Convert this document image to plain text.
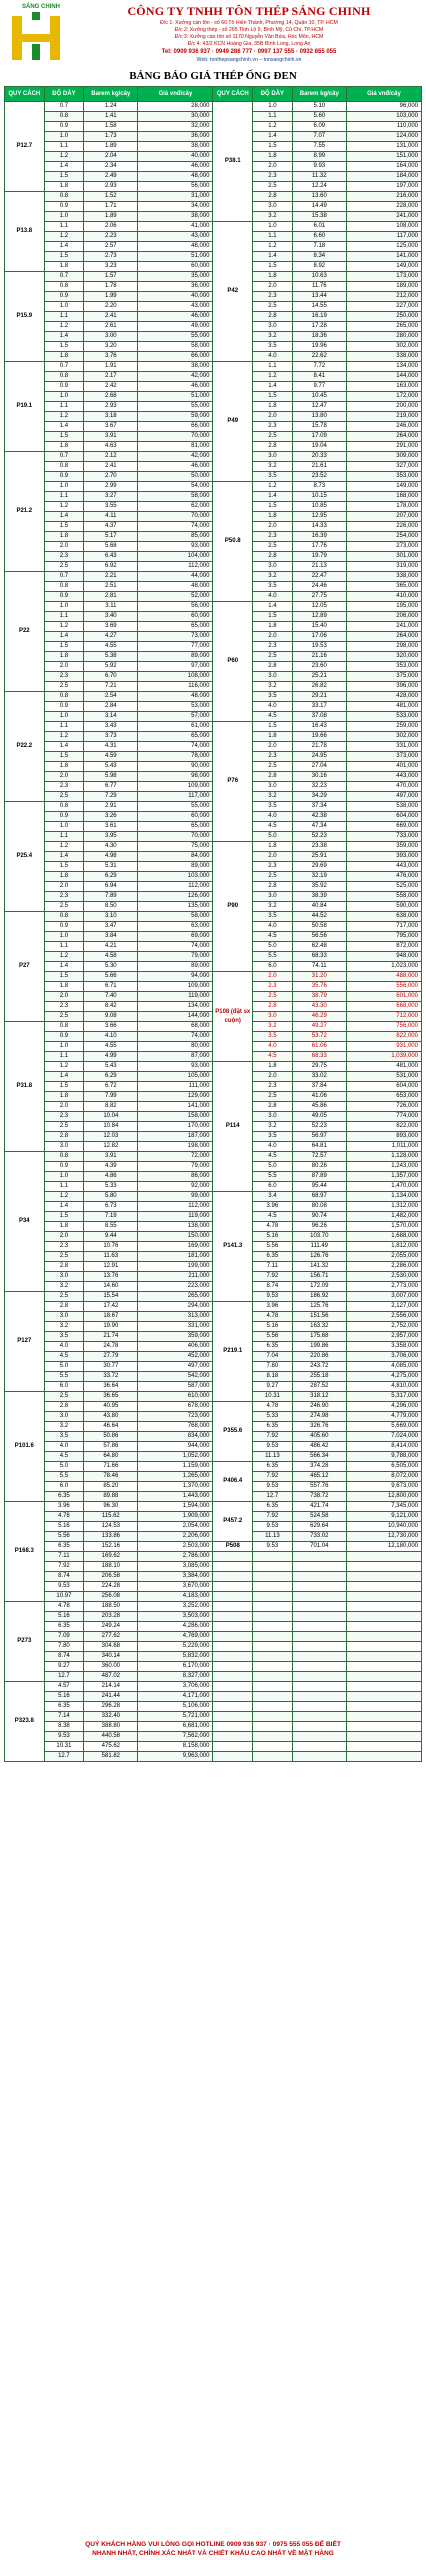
SÁNG CHINH	CÔNG TY TNHH TÔN THÉP SÁNG CHINH
Đ/c 1: Xưởng cán tôn - số 60 Tô Hiến Thành, Phường 14, Quận 10, TP. HCM
Đ/c 2: Xưởng thép - số 265 Tỉnh Lộ 9, Bình Mỹ, Củ Chi, TP.HCM
Đ/c 3: Xưởng cán tôn số 1170 Nguyễn Văn Bứa, Hóc Môn, HCM
Đ/c 4: 43/2 KCN Hoàng Gia, 35B Bình Long, Long An
Tel: 0909 936 937 · 0949 286 777 · 0997 137 555 · 0932 855 055
Web: tonthepsangchinh.vn – tonsangchinh.vn
BẢNG BÁO GIÁ THÉP ỐNG ĐEN
QUY CÁCH	ĐỘ DÀY	Barem kg/cây	Giá vnđ/cây	QUY CÁCH	ĐỘ DÀY	Barem kg/cây	Giá vnđ/cây
P12.7	0.7	1.24	28,000	P38.1	1.0	5.10	96,000
	0.8	1.41	30,000		1.1	5.60	103,000
	0.9	1.58	32,000		1.2	6.09	110,000
	1.0	1.73	36,000		1.4	7.07	124,000
	1.1	1.89	38,000		1.5	7.55	131,000
	1.2	2.04	40,000		1.8	8.99	151,000
	1.4	2.34	46,000		2.0	9.93	164,000
	1.5	2.49	48,000		2.3	11.32	184,000
	1.8	2.93	56,000		2.5	12.24	197,000
P13.8	0.8	1.52	31,000		2.8	13.60	216,000
	0.9	1.71	34,000		3.0	14.49	228,000
	1.0	1.89	38,000		3.2	15.38	241,000
	1.1	2.06	41,000	P42	1.0	6.01	108,000
	1.2	2.23	43,000		1.1	6.60	117,000
	1.4	2.57	48,000		1.2	7.18	125,000
	1.5	2.73	51,000		1.4	8.34	141,000
	1.8	3.23	60,000		1.5	8.92	149,000
P15.9	0.7	1.57	35,000		1.8	10.63	173,000
	0.8	1.78	36,000		2.0	11.76	189,000
	0.9	1.99	40,000		2.3	13.44	212,000
	1.0	2.20	43,000		2.5	14.55	227,000
	1.1	2.41	46,000		2.8	16.19	250,000
	1.2	2.61	49,000		3.0	17.28	265,000
	1.4	3.00	55,000		3.2	18.36	280,000
	1.5	3.20	58,000		3.5	19.96	302,000
	1.8	3.76	66,000		4.0	22.62	338,000
P19.1	0.7	1.91	38,000	P49	1.1	7.72	134,000
	0.8	2.17	42,000		1.2	8.41	144,000
	0.9	2.42	46,000		1.4	9.77	163,000
	1.0	2.68	51,000		1.5	10.45	172,000
	1.1	2.93	55,000		1.8	12.47	200,000
	1.2	3.18	59,000		2.0	13.80	219,000
	1.4	3.67	66,000		2.3	15.78	246,000
	1.5	3.91	70,000		2.5	17.09	264,000
	1.8	4.63	81,000		2.8	19.04	291,000
P21.2	0.7	2.12	42,000		3.0	20.33	309,000
	0.8	2.41	46,000		3.2	21.61	327,000
	0.9	2.70	50,000		3.5	23.52	353,000
	1.0	2.99	54,000	P50.8	1.2	8.73	149,000
	1.1	3.27	58,000		1.4	10.15	168,000
	1.2	3.55	62,000		1.5	10.85	178,000
	1.4	4.11	70,000		1.8	12.95	207,000
	1.5	4.37	74,000		2.0	14.33	226,000
	1.8	5.17	85,000		2.3	16.39	254,000
	2.0	5.68	93,000		2.5	17.76	273,000
	2.3	6.43	104,000		2.8	19.79	301,000
	2.5	6.92	112,000		3.0	21.13	319,000
P22	0.7	2.21	44,000		3.2	22.47	338,000
	0.8	2.51	48,000		3.5	24.46	365,000
	0.9	2.81	52,000		4.0	27.75	410,000
	1.0	3.11	56,000	P60	1.4	12.05	195,000
	1.1	3.40	60,000		1.5	12.89	206,000
	1.2	3.69	65,000		1.8	15.40	241,000
	1.4	4.27	73,000		2.0	17.06	264,000
	1.5	4.55	77,000		2.3	19.53	298,000
	1.8	5.38	89,000		2.5	21.16	320,000
	2.0	5.92	97,000		2.8	23.60	353,000
	2.3	6.70	108,000		3.0	25.21	375,000
	2.5	7.21	116,000		3.2	26.82	396,000
P22.2	0.8	2.54	48,000		3.5	29.21	428,000
	0.9	2.84	53,000		4.0	33.17	481,000
	1.0	3.14	57,000		4.5	37.08	533,000
	1.1	3.43	61,000	P76	1.5	16.43	259,000
	1.2	3.73	65,000		1.8	19.66	302,000
	1.4	4.31	74,000		2.0	21.78	331,000
	1.5	4.59	78,000		2.3	24.95	373,000
	1.8	5.43	90,000		2.5	27.04	401,000
	2.0	5.98	98,000		2.8	30.16	443,000
	2.3	6.77	109,000		3.0	32.23	470,000
	2.5	7.29	117,000		3.2	34.29	497,000
P25.4	0.8	2.91	55,000		3.5	37.34	538,000
	0.9	3.26	60,000		4.0	42.38	604,000
	1.0	3.61	65,000		4.5	47.34	669,000
	1.1	3.95	70,000		5.0	52.23	733,000
	1.2	4.30	75,000	P90	1.8	23.38	359,000
	1.4	4.98	84,000		2.0	25.91	393,000
	1.5	5.31	89,000		2.3	29.69	443,000
	1.8	6.29	103,000		2.5	32.19	476,000
	2.0	6.94	112,000		2.8	35.92	525,000
	2.3	7.89	126,000		3.0	38.39	558,000
	2.5	8.50	135,000		3.2	40.84	590,000
P27	0.8	3.10	58,000		3.5	44.52	638,000
	0.9	3.47	63,000		4.0	50.58	717,000
	1.0	3.84	69,000		4.5	56.56	795,000
	1.1	4.21	74,000		5.0	62.48	872,000
	1.2	4.58	79,000		5.5	68.33	948,000
	1.4	5.30	89,000		6.0	74.11	1,023,000
	1.5	5.66	94,000	P108 (đặt sx cuộn)	2.0	31.20	488,000
	1.8	6.71	109,000		2.3	35.76	556,000
	2.0	7.40	119,000		2.5	38.79	601,000
	2.3	8.42	134,000		2.8	43.30	668,000
	2.5	9.08	144,000		3.0	46.29	712,000
P31.8	0.8	3.66	68,000		3.2	49.27	756,000
	0.9	4.10	74,000		3.5	53.72	822,000
	1.0	4.55	80,000		4.0	61.06	931,000
	1.1	4.99	87,000		4.5	68.33	1,039,000
	1.2	5.43	93,000	P114	1.8	29.75	481,000
	1.4	6.29	105,000		2.0	33.02	531,000
	1.5	6.72	111,000		2.3	37.84	604,000
	1.8	7.99	129,000		2.5	41.06	653,000
	2.0	8.82	141,000		2.8	45.86	726,000
	2.3	10.04	158,000		3.0	49.05	774,000
	2.5	10.84	170,000		3.2	52.23	822,000
	2.8	12.03	187,000		3.5	56.97	893,000
	3.0	12.82	198,000		4.0	64.81	1,011,000
P34	0.8	3.91	72,000		4.5	72.57	1,128,000
	0.9	4.39	79,000		5.0	80.26	1,243,000
	1.0	4.86	86,000		5.5	87.89	1,357,000
	1.1	5.33	92,000		6.0	95.44	1,470,000
	1.2	5.80	99,000	P141.3	3.4	68.97	1,134,000
	1.4	6.73	112,000		3.96	80.08	1,312,000
	1.5	7.19	119,000		4.5	90.74	1,482,000
	1.8	8.55	138,000		4.78	96.26	1,570,000
	2.0	9.44	150,000		5.16	103.70	1,688,000
	2.3	10.76	169,000		5.56	111.49	1,812,000
	2.5	11.63	181,000		6.35	126.76	2,055,000
	2.8	12.91	199,000		7.11	141.32	2,286,000
	3.0	13.76	211,000		7.92	156.71	2,530,000
	3.2	14.60	223,000		8.74	172.09	2,773,000
P127	2.5	15.54	265,000		9.53	186.92	3,007,000
	2.8	17.42	294,000	P219.1	3.96	125.76	2,127,000
	3.0	18.67	313,000		4.78	151.56	2,556,000
	3.2	19.90	331,000		5.16	163.32	2,752,000
	3.5	21.74	359,000		5.56	175.68	2,957,000
	4.0	24.78	406,000		6.35	199.86	3,358,000
	4.5	27.79	452,000		7.04	220.86	3,706,000
	5.0	30.77	497,000		7.80	243.72	4,085,000
	5.5	33.72	542,000		8.18	255.18	4,275,000
	6.0	36.64	587,000		9.27	287.52	4,810,000
P101.6	2.5	36.65	610,000		10.31	318.12	5,317,000
	2.8	40.95	678,000	P355.6	4.78	246.90	4,296,000
	3.0	43.80	723,000		5.33	274.98	4,779,000
	3.2	46.64	768,000		6.35	326.76	5,669,000
	3.5	50.86	834,000		7.92	405.60	7,024,000
	4.0	57.86	944,000		9.53	486.42	8,414,000
	4.5	64.80	1,052,000		11.13	566.34	9,788,000
	5.0	71.66	1,159,000	P406.4	6.35	374.28	6,505,000
	5.5	78.46	1,265,000		7.92	465.12	8,072,000
	6.0	85.20	1,370,000		9.53	557.76	9,673,000
	6.35	89.88	1,443,000		12.7	738.72	12,800,000
P168.3	3.96	96.30	1,594,000	P457.2	6.35	421.74	7,345,000
	4.78	115.62	1,909,000		7.92	524.58	9,121,000
	5.16	124.53	2,054,000		9.53	629.64	10,940,000
	5.56	133.86	2,206,000		11.13	733.02	12,730,000
	6.35	152.16	2,503,000	P508	9.53	701.04	12,180,000
	7.11	169.62	2,786,000				
	7.92	188.10	3,085,000				
	8.74	206.58	3,384,000				
	9.53	224.28	3,670,000				
	10.97	256.08	4,183,000				
P273	4.78	188.50	3,252,000				
	5.16	203.28	3,503,000				
	6.35	249.24	4,286,000				
	7.09	277.62	4,769,000				
	7.80	304.68	5,229,000				
	8.74	340.14	5,832,000				
	9.27	360.00	6,170,000				
	12.7	487.02	8,327,000				
P323.8	4.57	214.14	3,706,000				
	5.16	241.44	4,171,000				
	6.35	296.28	5,106,000				
	7.14	332.40	5,721,000				
	8.38	388.80	6,681,000				
	9.53	440.58	7,562,000				
	10.31	475.62	8,158,000				
	12.7	581.82	9,963,000				
QUÝ KHÁCH HÀNG VUI LÒNG GỌI HOTLINE 0909 936 937 · 0975 555 055 ĐỂ BIẾT
NHANH NHẤT, CHÍNH XÁC NHẤT VÀ CHIẾT KHẤU CAO NHẤT VỀ MẶT HÀNG
